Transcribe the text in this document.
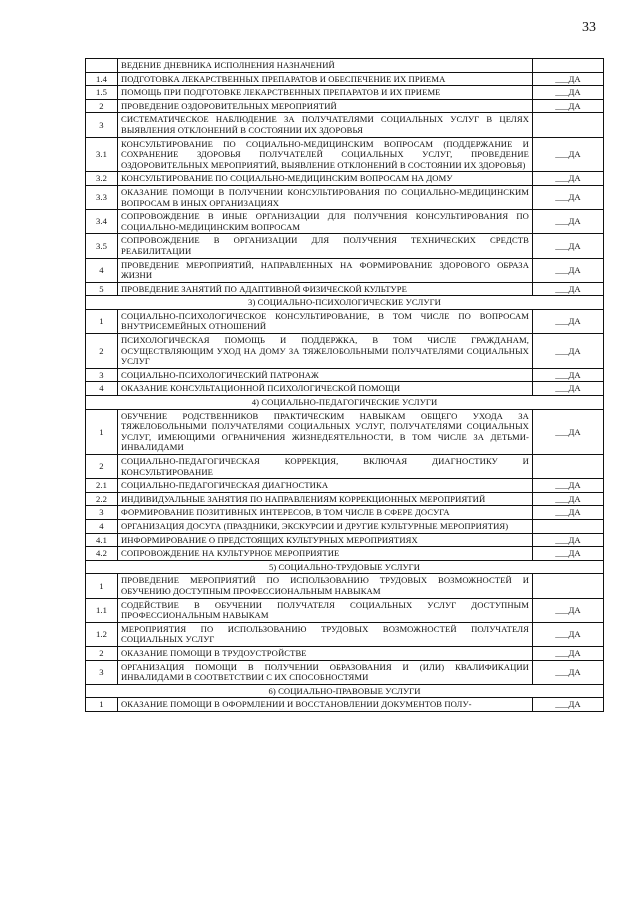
33
	ВЕДЕНИЕ ДНЕВНИКА ИСПОЛНЕНИЯ НАЗНАЧЕНИЙ	
1.4	ПОДГОТОВКА ЛЕКАРСТВЕННЫХ ПРЕПАРАТОВ И ОБЕСПЕЧЕНИЕ ИХ ПРИЕМА	___ДА
1.5	ПОМОЩЬ ПРИ ПОДГОТОВКЕ ЛЕКАРСТВЕННЫХ ПРЕПАРАТОВ И ИХ ПРИЕМЕ	___ДА
2	ПРОВЕДЕНИЕ ОЗДОРОВИТЕЛЬНЫХ МЕРОПРИЯТИЙ	___ДА
3	СИСТЕМАТИЧЕСКОЕ НАБЛЮДЕНИЕ ЗА ПОЛУЧАТЕЛЯМИ СОЦИАЛЬНЫХ УСЛУГ В ЦЕЛЯХ ВЫЯВЛЕНИЯ ОТКЛОНЕНИЙ В СОСТОЯНИИ ИХ ЗДОРОВЬЯ	
3.1	КОНСУЛЬТИРОВАНИЕ ПО СОЦИАЛЬНО-МЕДИЦИНСКИМ ВОПРОСАМ (ПОДДЕРЖАНИЕ И СОХРАНЕНИЕ ЗДОРОВЬЯ ПОЛУЧАТЕЛЕЙ СОЦИАЛЬНЫХ УСЛУГ, ПРОВЕДЕНИЕ ОЗДОРОВИТЕЛЬНЫХ МЕРОПРИЯТИЙ, ВЫЯВЛЕНИЕ ОТКЛОНЕНИЙ В СОСТОЯНИИ ИХ ЗДОРОВЬЯ)	___ДА
3.2	КОНСУЛЬТИРОВАНИЕ ПО СОЦИАЛЬНО-МЕДИЦИНСКИМ ВОПРОСАМ НА ДОМУ	___ДА
3.3	ОКАЗАНИЕ ПОМОЩИ В ПОЛУЧЕНИИ КОНСУЛЬТИРОВАНИЯ ПО СОЦИАЛЬНО-МЕДИЦИНСКИМ ВОПРОСАМ В ИНЫХ ОРГАНИЗАЦИЯХ	___ДА
3.4	СОПРОВОЖДЕНИЕ В ИНЫЕ ОРГАНИЗАЦИИ ДЛЯ ПОЛУЧЕНИЯ КОНСУЛЬТИРОВАНИЯ ПО СОЦИАЛЬНО-МЕДИЦИНСКИМ ВОПРОСАМ	___ДА
3.5	СОПРОВОЖДЕНИЕ В ОРГАНИЗАЦИИ ДЛЯ ПОЛУЧЕНИЯ ТЕХНИЧЕСКИХ СРЕДСТВ РЕАБИЛИТАЦИИ	___ДА
4	ПРОВЕДЕНИЕ МЕРОПРИЯТИЙ, НАПРАВЛЕННЫХ НА ФОРМИРОВАНИЕ ЗДОРОВОГО ОБРАЗА ЖИЗНИ	___ДА
5	ПРОВЕДЕНИЕ ЗАНЯТИЙ ПО АДАПТИВНОЙ ФИЗИЧЕСКОЙ КУЛЬТУРЕ	___ДА
3) СОЦИАЛЬНО-ПСИХОЛОГИЧЕСКИЕ УСЛУГИ		
1	СОЦИАЛЬНО-ПСИХОЛОГИЧЕСКОЕ КОНСУЛЬТИРОВАНИЕ, В ТОМ ЧИСЛЕ ПО ВОПРОСАМ ВНУТРИСЕМЕЙНЫХ ОТНОШЕНИЙ	___ДА
2	ПСИХОЛОГИЧЕСКАЯ ПОМОЩЬ И ПОДДЕРЖКА, В ТОМ ЧИСЛЕ ГРАЖДАНАМ, ОСУЩЕСТВЛЯЮЩИМ УХОД НА ДОМУ ЗА ТЯЖЕЛОБОЛЬНЫМИ ПОЛУЧАТЕЛЯМИ СОЦИАЛЬНЫХ УСЛУГ	___ДА
3	СОЦИАЛЬНО-ПСИХОЛОГИЧЕСКИЙ ПАТРОНАЖ	___ДА
4	ОКАЗАНИЕ КОНСУЛЬТАЦИОННОЙ ПСИХОЛОГИЧЕСКОЙ ПОМОЩИ	___ДА
4) СОЦИАЛЬНО-ПЕДАГОГИЧЕСКИЕ УСЛУГИ		
1	ОБУЧЕНИЕ РОДСТВЕННИКОВ ПРАКТИЧЕСКИМ НАВЫКАМ ОБЩЕГО УХОДА ЗА ТЯЖЕЛОБОЛЬНЫМИ ПОЛУЧАТЕЛЯМИ СОЦИАЛЬНЫХ УСЛУГ, ПОЛУЧАТЕЛЯМИ СОЦИАЛЬНЫХ УСЛУГ, ИМЕЮЩИМИ ОГРАНИЧЕНИЯ ЖИЗНЕДЕЯТЕЛЬНОСТИ, В ТОМ ЧИСЛЕ ЗА ДЕТЬМИ-ИНВАЛИДАМИ	___ДА
2	СОЦИАЛЬНО-ПЕДАГОГИЧЕСКАЯ КОРРЕКЦИЯ, ВКЛЮЧАЯ ДИАГНОСТИКУ И КОНСУЛЬТИРОВАНИЕ	
2.1	СОЦИАЛЬНО-ПЕДАГОГИЧЕСКАЯ ДИАГНОСТИКА	___ДА
2.2	ИНДИВИДУАЛЬНЫЕ ЗАНЯТИЯ ПО НАПРАВЛЕНИЯМ КОРРЕКЦИОННЫХ МЕРОПРИЯТИЙ	___ДА
3	ФОРМИРОВАНИЕ ПОЗИТИВНЫХ ИНТЕРЕСОВ, В ТОМ ЧИСЛЕ В СФЕРЕ ДОСУГА	___ДА
4	ОРГАНИЗАЦИЯ ДОСУГА (ПРАЗДНИКИ, ЭКСКУРСИИ И ДРУГИЕ КУЛЬТУРНЫЕ МЕРОПРИЯТИЯ)	
4.1	ИНФОРМИРОВАНИЕ О ПРЕДСТОЯЩИХ КУЛЬТУРНЫХ МЕРОПРИЯТИЯХ	___ДА
4.2	СОПРОВОЖДЕНИЕ НА КУЛЬТУРНОЕ МЕРОПРИЯТИЕ	___ДА
5) СОЦИАЛЬНО-ТРУДОВЫЕ УСЛУГИ		
1	ПРОВЕДЕНИЕ МЕРОПРИЯТИЙ ПО ИСПОЛЬЗОВАНИЮ ТРУДОВЫХ ВОЗМОЖНОСТЕЙ И ОБУЧЕНИЮ ДОСТУПНЫМ ПРОФЕССИОНАЛЬНЫМ НАВЫКАМ	
1.1	СОДЕЙСТВИЕ В ОБУЧЕНИИ ПОЛУЧАТЕЛЯ СОЦИАЛЬНЫХ УСЛУГ ДОСТУПНЫМ ПРОФЕССИОНАЛЬНЫМ НАВЫКАМ	___ДА
1.2	МЕРОПРИЯТИЯ ПО ИСПОЛЬЗОВАНИЮ ТРУДОВЫХ ВОЗМОЖНОСТЕЙ ПОЛУЧАТЕЛЯ СОЦИАЛЬНЫХ УСЛУГ	___ДА
2	ОКАЗАНИЕ ПОМОЩИ В ТРУДОУСТРОЙСТВЕ	___ДА
3	ОРГАНИЗАЦИЯ ПОМОЩИ В ПОЛУЧЕНИИ ОБРАЗОВАНИЯ И (ИЛИ) КВАЛИФИКАЦИИ ИНВАЛИДАМИ В СООТВЕТСТВИИ С ИХ СПОСОБНОСТЯМИ	___ДА
6) СОЦИАЛЬНО-ПРАВОВЫЕ УСЛУГИ		
1	ОКАЗАНИЕ ПОМОЩИ В ОФОРМЛЕНИИ И ВОССТАНОВЛЕНИИ ДОКУМЕНТОВ ПОЛУ-	___ДА
